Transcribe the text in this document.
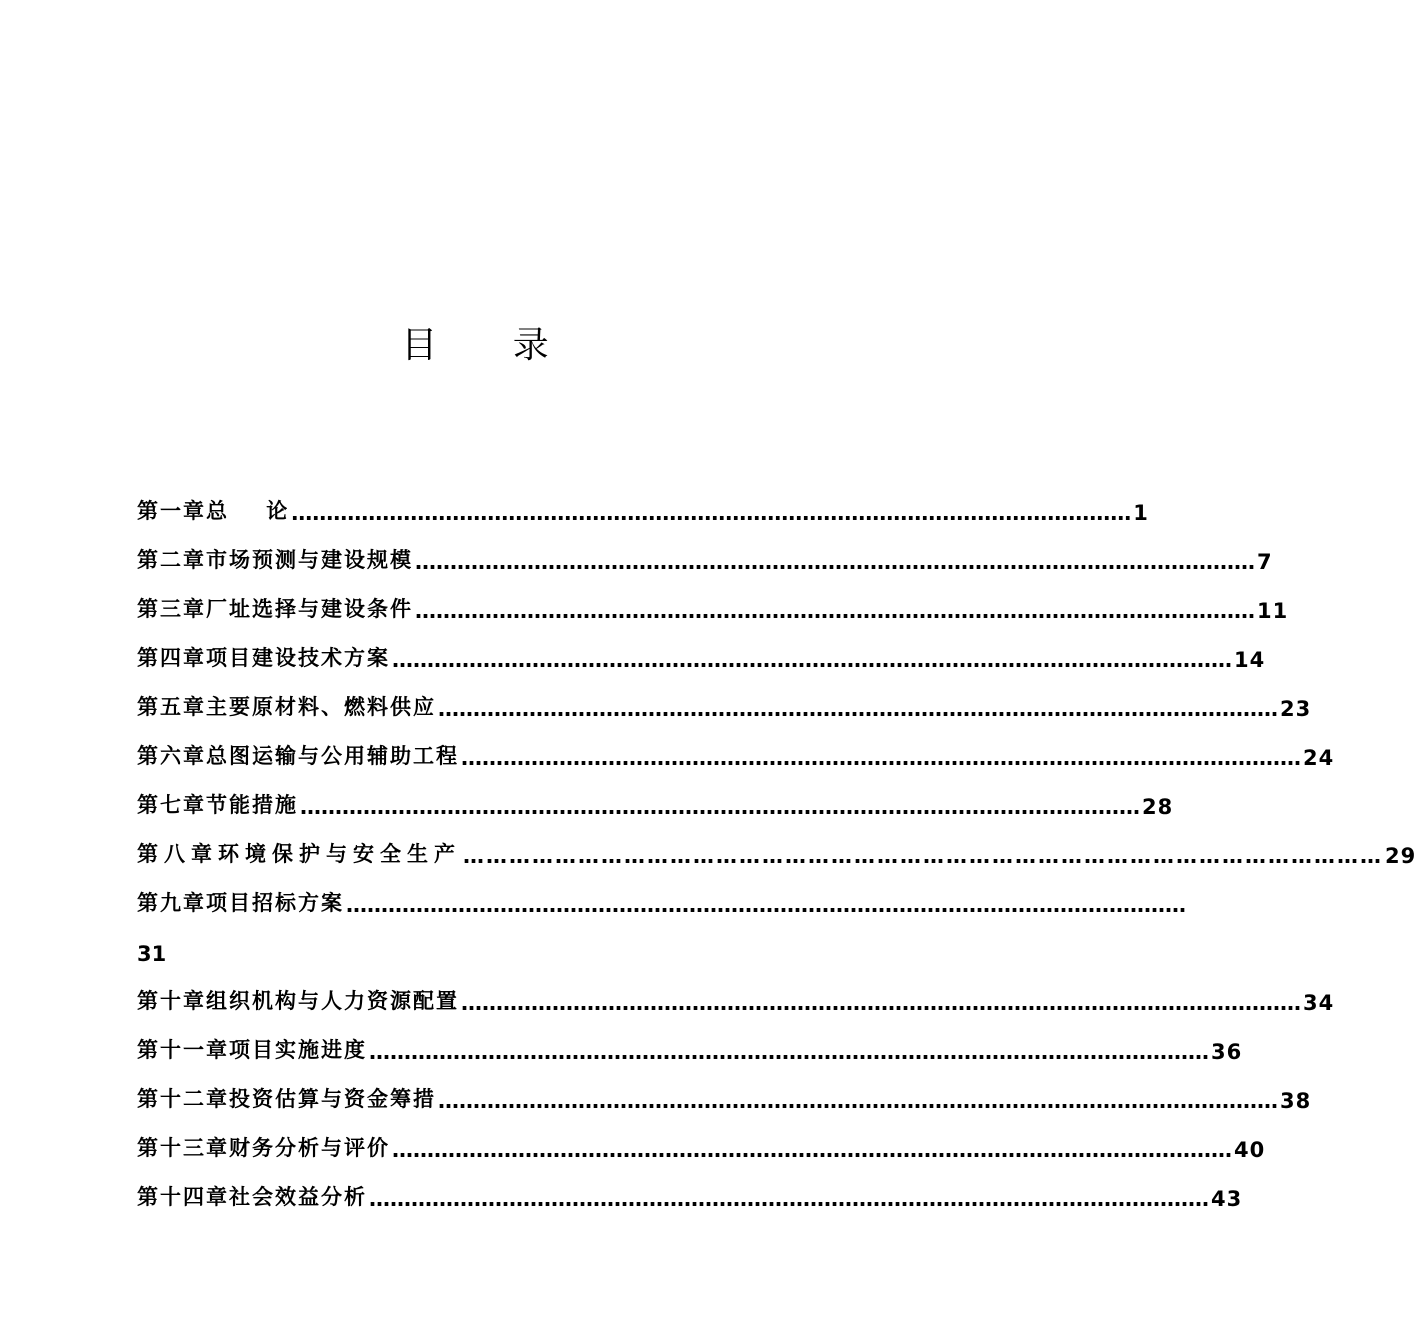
目 录
第一章 总    论 ………………………………………………………………………………………………………… 1
第二章 市场预测与建设规模 ………………………………………………………………………………………………………… 7
第三章 厂址选择与建设条件 ………………………………………………………………………………………………………… 11
第四章 项目建设技术方案 ………………………………………………………………………………………………………… 14
第五章 主要原材料、燃料供应 ………………………………………………………………………………………………………… 23
第六章 总图运输与公用辅助工程 ………………………………………………………………………………………………………… 24
第七章 节能措施 ………………………………………………………………………………………………………… 28
第八章 环境保护与安全生产 ………………………………………………………………………………………………………… 29
第九章 项目招标方案 …………………………………………………………………………………………………………
31
第十章 组织机构与人力资源配置 ………………………………………………………………………………………………………… 34
第十一章 项目实施进度 ………………………………………………………………………………………………………… 36
第十二章 投资估算与资金筹措 ………………………………………………………………………………………………………… 38
第十三章 财务分析与评价 ………………………………………………………………………………………………………… 40
第十四章 社会效益分析 ………………………………………………………………………………………………………… 43
